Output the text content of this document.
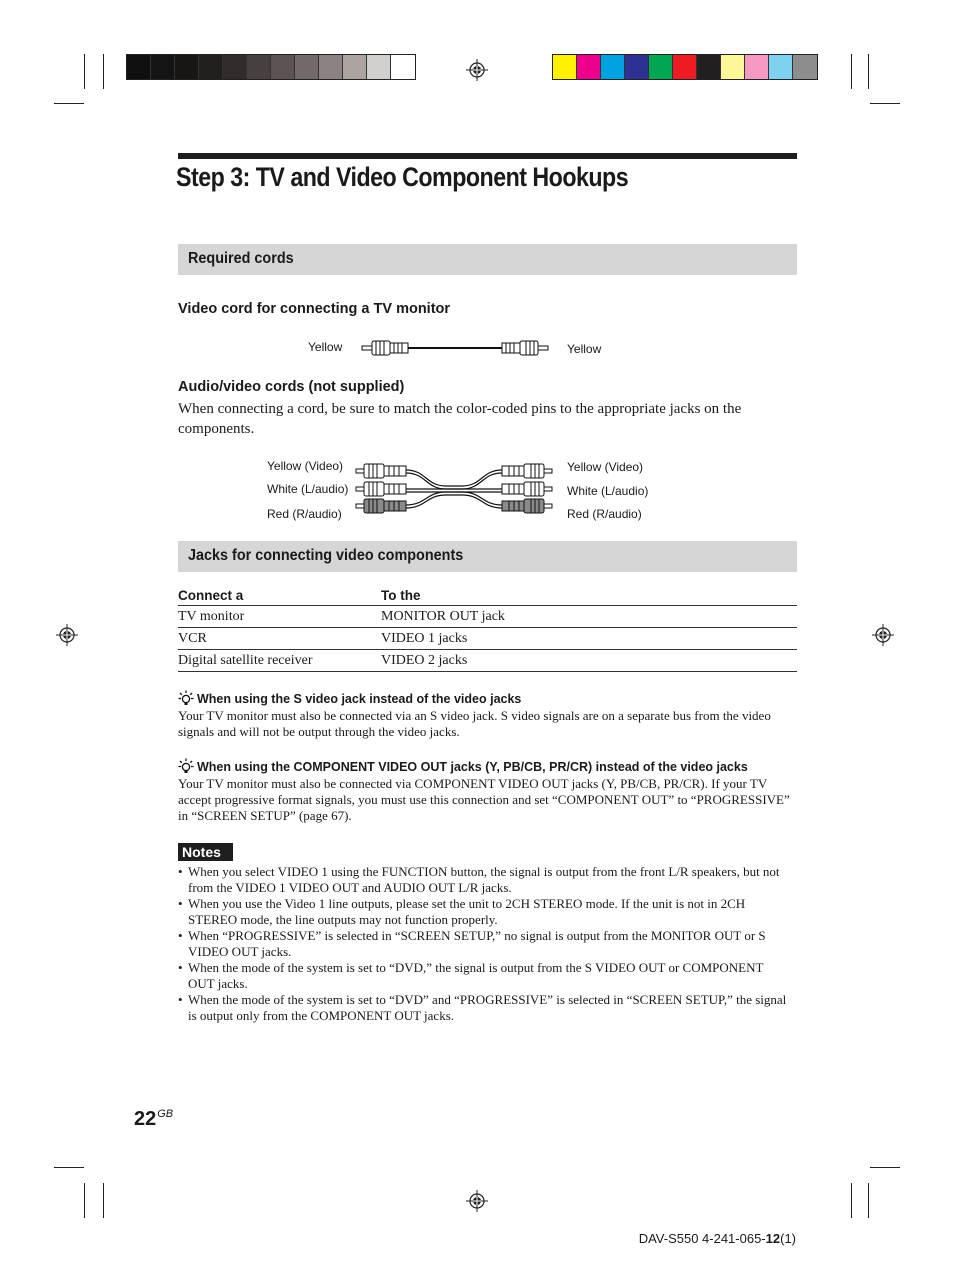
Step 3: TV and Video Component Hookups
Required cords
Video cord for connecting a TV monitor
Yellow	Yellow
Audio/video cords (not supplied)
When connecting a cord, be sure to match the color-coded pins to the appropriate jacks on the components.
Yellow (Video)
White (L/audio)
Red (R/audio)
Yellow (Video)
White (L/audio)
Red (R/audio)
Jacks for connecting video components
Connect a	To the
TV monitor	MONITOR OUT jack
VCR	VIDEO 1 jacks
Digital satellite receiver	VIDEO 2 jacks
When using the S video jack instead of the video jacks
Your TV monitor must also be connected via an S video jack. S video signals are on a separate bus from the video signals and will not be output through the video jacks.
When using the COMPONENT VIDEO OUT jacks (Y, PB/CB, PR/CR) instead of the video jacks
Your TV monitor must also be connected via COMPONENT VIDEO OUT jacks (Y, PB/CB, PR/CR). If your TV accept progressive format signals, you must use this connection and set “COMPONENT OUT” to “PROGRESSIVE” in “SCREEN SETUP” (page 67).
Notes
• When you select VIDEO 1 using the FUNCTION button, the signal is output from the front L/R speakers, but not from the VIDEO 1 VIDEO OUT and AUDIO OUT L/R jacks.
• When you use the Video 1 line outputs, please set the unit to 2CH STEREO mode. If the unit is not in 2CH STEREO mode, the line outputs may not function properly.
• When “PROGRESSIVE” is selected in “SCREEN SETUP,” no signal is output from the MONITOR OUT or S VIDEO OUT jacks.
• When the mode of the system is set to “DVD,” the signal is output from the S VIDEO OUT or COMPONENT OUT jacks.
• When the mode of the system is set to “DVD” and “PROGRESSIVE” is selected in “SCREEN SETUP,” the signal is output only from the COMPONENT OUT jacks.
$22^{GB}$
DAV-S550 4-241-065-12(1)
